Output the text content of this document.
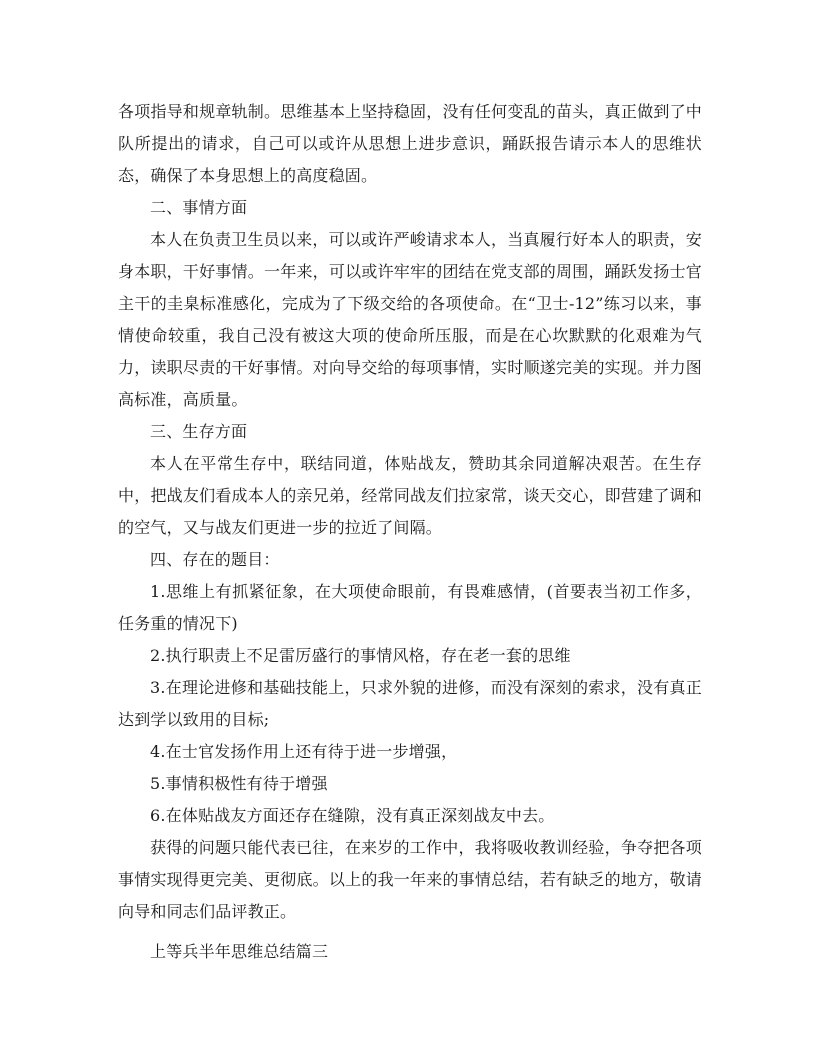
各项指导和规章轨制。思维基本上坚持稳固，没有任何变乱的苗头，真正做到了中队所提出的请求，自己可以或许从思想上进步意识，踊跃报告请示本人的思维状态，确保了本身思想上的高度稳固。

二、事情方面

本人在负责卫生员以来，可以或许严峻请求本人，当真履行好本人的职责，安身本职，干好事情。一年来，可以或许牢牢的团结在党支部的周围，踊跃发扬士官主干的圭臬标准感化，完成为了下级交给的各项使命。在“卫士-12”练习以来，事情使命较重，我自己没有被这大项的使命所压服，而是在心坎默默的化艰难为气力，读职尽责的干好事情。对向导交给的每项事情，实时顺遂完美的实现。并力图高标准，高质量。

三、生存方面

本人在平常生存中，联结同道，体贴战友，赞助其余同道解决艰苦。在生存中，把战友们看成本人的亲兄弟，经常同战友们拉家常，谈天交心，即营建了调和的空气，又与战友们更进一步的拉近了间隔。

四、存在的题目：

1.思维上有抓紧征象，在大项使命眼前，有畏难感情，(首要表当初工作多，任务重的情况下)

2.执行职责上不足雷厉盛行的事情风格，存在老一套的思维

3.在理论进修和基础技能上，只求外貌的进修，而没有深刻的索求，没有真正达到学以致用的目标;

4.在士官发扬作用上还有待于进一步增强，

5.事情积极性有待于增强

6.在体贴战友方面还存在缝隙，没有真正深刻战友中去。

获得的问题只能代表已往，在来岁的工作中，我将吸收教训经验，争夺把各项事情实现得更完美、更彻底。以上的我一年来的事情总结，若有缺乏的地方，敬请向导和同志们品评教正。

上等兵半年思维总结篇三
